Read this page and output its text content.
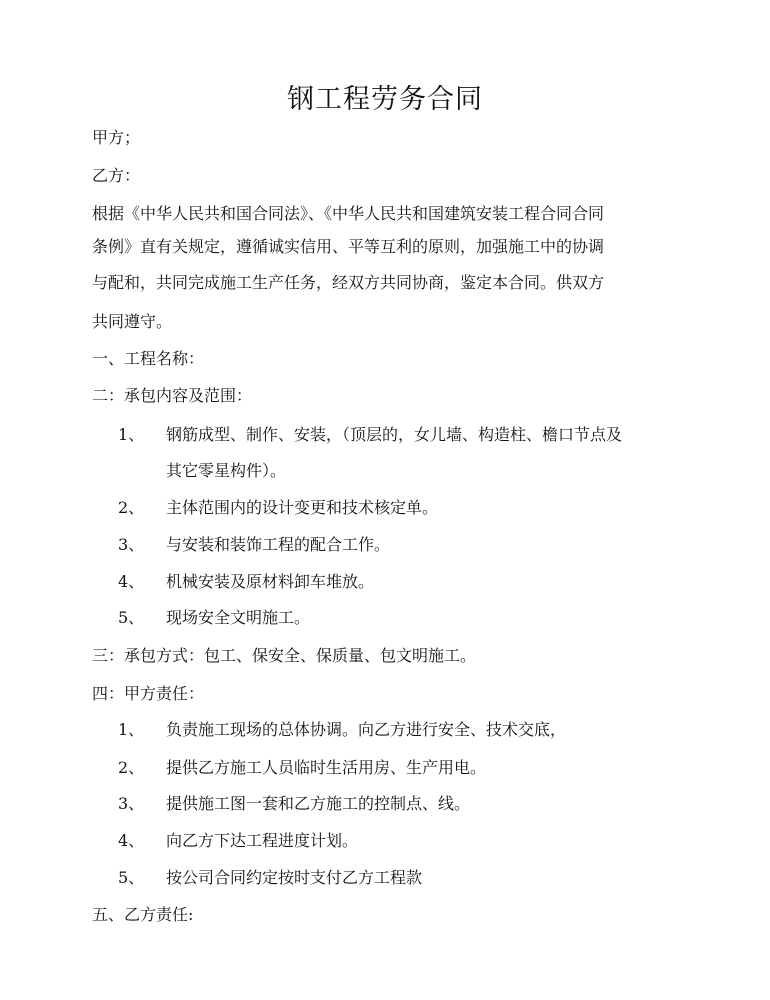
钢工程劳务合同
甲方；
乙方：
根据《中华人民共和国合同法》、《中华人民共和国建筑安装工程合同合同
条例》直有关规定，遵循诚实信用、平等互利的原则，加强施工中的协调
与配和，共同完成施工生产任务，经双方共同协商，鉴定本合同。供双方
共同遵守。
一、工程名称：
二：承包内容及范围：
1、 钢筋成型、制作、安装，（顶层的，女儿墙、构造柱、檐口节点及
其它零星构件）。
2、 主体范围内的设计变更和技术核定单。
3、 与安装和装饰工程的配合工作。
4、 机械安装及原材料卸车堆放。
5、 现场安全文明施工。
三：承包方式：包工、保安全、保质量、包文明施工。
四：甲方责任：
1、 负责施工现场的总体协调。向乙方进行安全、技术交底，
2、 提供乙方施工人员临时生活用房、生产用电。
3、 提供施工图一套和乙方施工的控制点、线。
4、 向乙方下达工程进度计划。
5、 按公司合同约定按时支付乙方工程款
五、乙方责任:
